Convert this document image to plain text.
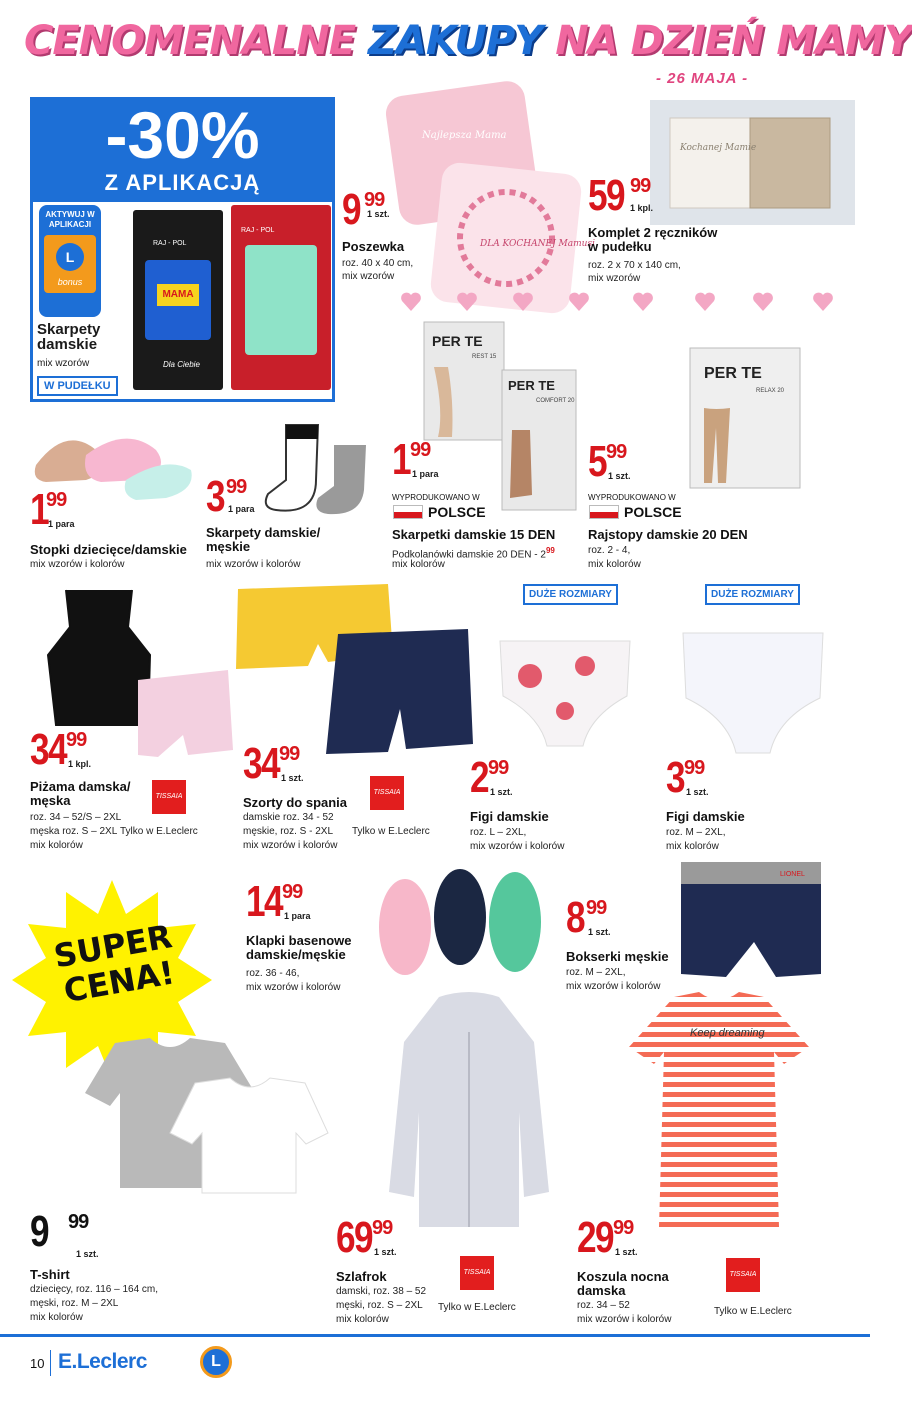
CENOMENALNE ZAKUPY NA DZIEŃ MAMY
- 26 MAJA -
-30%
Z APLIKACJĄ
AKTYWUJ W APLIKACJI
L
bonus
RAJ - POL
MAMA
Dla Ciebie
RAJ - POL
Skarpety damskie
mix wzorów
W PUDEŁKU
Najlepsza Mama
DLA KOCHANEJ Mamusi
9 99
1 szt.
Poszewka
roz. 40 x 40 cm,
mix wzorów
Kochanej Mamie
59 99
1 kpl.
Komplet 2 ręczników w pudełku
roz. 2 x 70 x 140 cm,
mix wzorów
PER TE
REST 15
PER TE
COMFORT 20
PER TE
RELAX 20
1
99
1 para
Stopki dziecięce/damskie
mix wzorów i kolorów
3 99
1 para
Skarpety damskie/ męskie
mix wzorów i kolorów
1 99
1 para
WYPRODUKOWANO W
POLSCE
Skarpetki damskie 15 DEN
Podkolanówki damskie 20 DEN - $2^{99}$
mix kolorów
5 99
1 szt.
WYPRODUKOWANO W
POLSCE
Rajstopy damskie 20 DEN
roz. 2 - 4,
mix kolorów
34 99
1 kpl.
Piżama damska/ męska
roz. 34 – 52/S – 2XL
męska roz. S – 2XL
mix kolorów
TISSAIA
Tylko w E.Leclerc
34 99
1 szt.
Szorty do spania
damskie roz. 34 - 52
męskie, roz. S - 2XL
mix wzorów i kolorów
TISSAIA
Tylko w E.Leclerc
DUŻE ROZMIARY
2 99
1 szt.
Figi damskie
roz. L – 2XL,
mix wzorów i kolorów
DUŻE ROZMIARY
3 99
1 szt.
Figi damskie
roz. M – 2XL,
mix kolorów
SUPER CENA!
14 99
1 para
Klapki basenowe damskie/męskie
roz. 36 - 46,
mix wzorów i kolorów
8 99
1 szt.
Bokserki męskie
roz. M – 2XL,
mix wzorów i kolorów
LIONEL
9 99
1 szt.
T-shirt
dziecięcy, roz. 116 – 164 cm,
męski, roz. M – 2XL
mix kolorów
69 99
1 szt.
Szlafrok
damski, roz. 38 – 52
męski, roz. S – 2XL
mix kolorów
TISSAIA
Tylko w E.Leclerc
Keep dreaming
29 99
1 szt.
Koszula nocna damska
roz. 34 – 52
mix wzorów i kolorów
TISSAIA
Tylko w E.Leclerc
10 E.Leclerc	L
